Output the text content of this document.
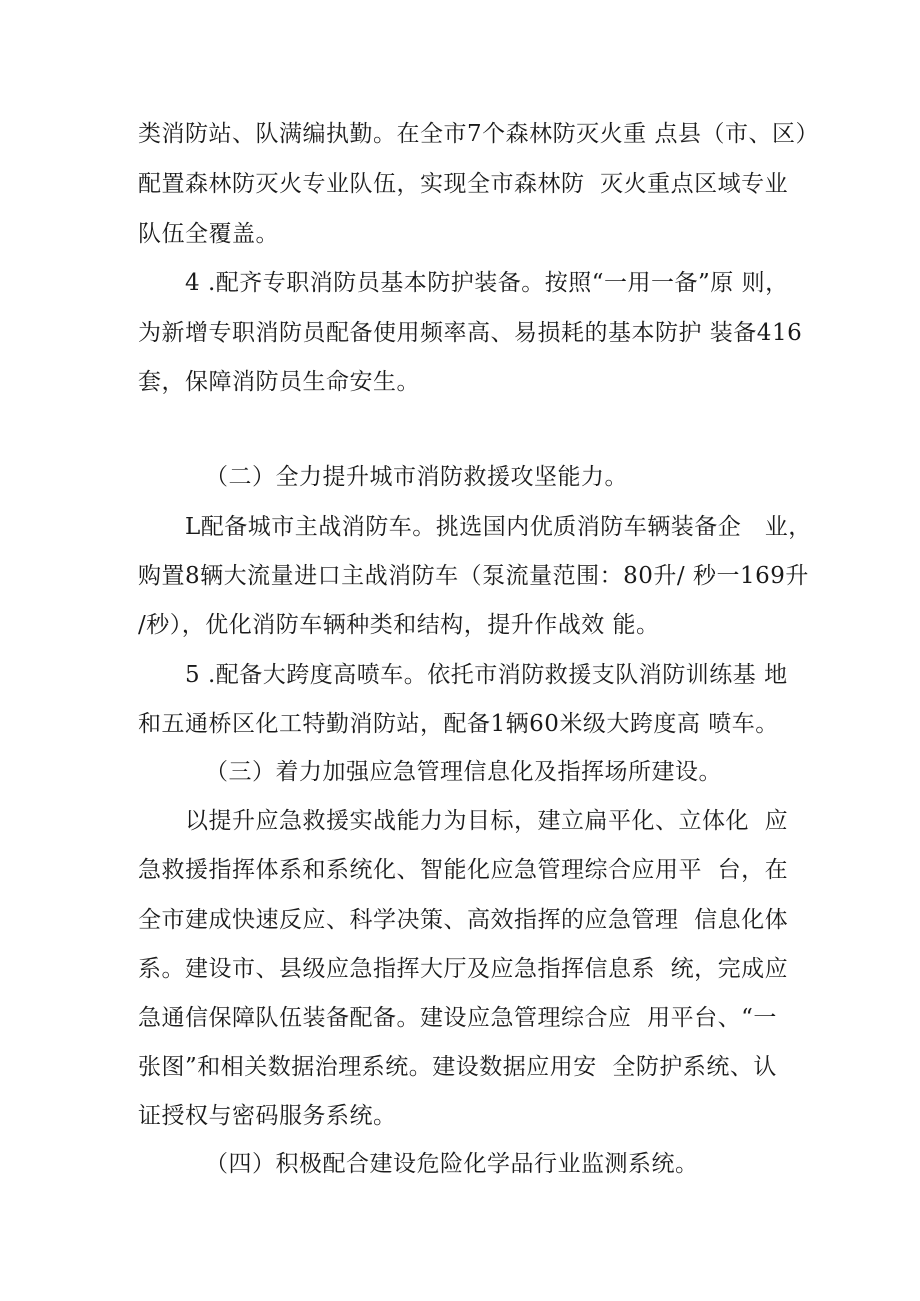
类消防站、队满编执勤。在全市7个森林防灭火重 点县（市、区）
配置森林防灭火专业队伍，实现全市森林防  灭火重点区域专业
队伍全覆盖。
4 .配齐专职消防员基本防护装备。按照“一用一备”原 则，
为新增专职消防员配备使用频率高、易损耗的基本防护 装备416
套，保障消防员生命安生。
（二）全力提升城市消防救援攻坚能力。
L配备城市主战消防车。挑选国内优质消防车辆装备企   业，
购置8辆大流量进口主战消防车（泵流量范围：80升/ 秒一169升
/秒），优化消防车辆种类和结构，提升作战效 能。
5 .配备大跨度高喷车。依托市消防救援支队消防训练基 地
和五通桥区化工特勤消防站，配备1辆60米级大跨度高 喷车。
（三）着力加强应急管理信息化及指挥场所建设。
以提升应急救援实战能力为目标，建立扁平化、立体化  应
急救援指挥体系和系统化、智能化应急管理综合应用平  台，在
全市建成快速反应、科学决策、高效指挥的应急管理  信息化体
系。建设市、县级应急指挥大厅及应急指挥信息系  统，完成应
急通信保障队伍装备配备。建设应急管理综合应  用平台、“一
张图”和相关数据治理系统。建设数据应用安  全防护系统、认
证授权与密码服务系统。
（四）积极配合建设危险化学品行业监测系统。
